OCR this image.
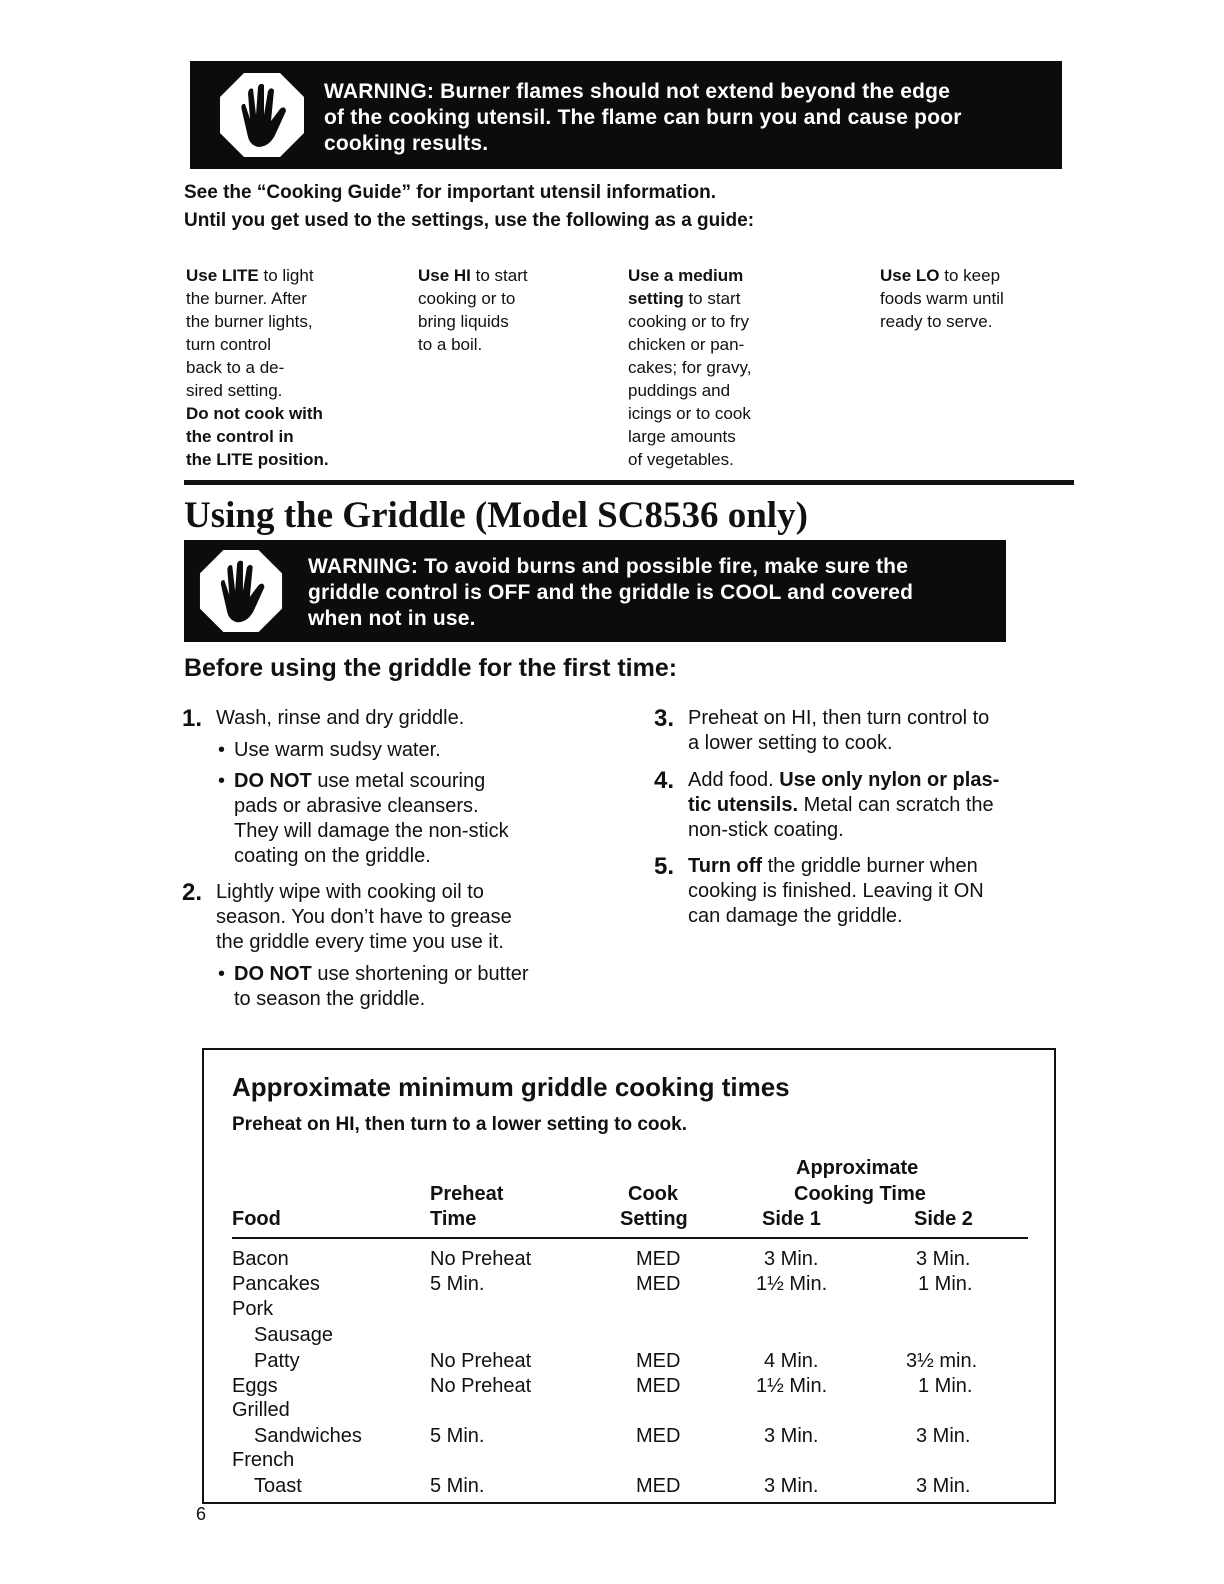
WARNING: Burner flames should not extend beyond the edge
of the cooking utensil. The flame can burn you and cause poor
cooking results.
See the “Cooking Guide” for important utensil information.
Until you get used to the settings, use the following as a guide:
Use LITE to light
the burner. After
the burner lights,
turn control
back to a de-
sired setting.
Do not cook with
the control in
the LITE position.
Use HI to start
cooking or to
bring liquids
to a boil.
Use a medium
setting to start
cooking or to fry
chicken or pan-
cakes; for gravy,
puddings and
icings or to cook
large amounts
of vegetables.
Use LO to keep
foods warm until
ready to serve.
Using the Griddle (Model SC8536 only)
WARNING: To avoid burns and possible fire, make sure the
griddle control is OFF and the griddle is COOL and covered
when not in use.
Before using the griddle for the first time:
1. Wash, rinse and dry griddle.
• Use warm sudsy water.
• DO NOT use metal scouring
pads or abrasive cleansers.
They will damage the non-stick
coating on the griddle.
2. Lightly wipe with cooking oil to
season. You don’t have to grease
the griddle every time you use it.
• DO NOT use shortening or butter
to season the griddle.
3. Preheat on HI, then turn control to
a lower setting to cook.
4. Add food. Use only nylon or plas-
tic utensils. Metal can scratch the
non-stick coating.
5. Turn off the griddle burner when
cooking is finished. Leaving it ON
can damage the griddle.
Approximate minimum griddle cooking times
Preheat on HI, then turn to a lower setting to cook.
Approximate
Preheat	Cook	Cooking Time
Food	Time	Setting	Side 1	Side 2
Bacon	No Preheat	MED	3 Min.	3 Min.
Pancakes	5 Min.	MED	1½ Min.	1 Min.
Pork
Sausage
Patty	No Preheat	MED	4 Min.	3½ min.
Eggs	No Preheat	MED	1½ Min.	1 Min.
Grilled
Sandwiches	5 Min.	MED	3 Min.	3 Min.
French
Toast	5 Min.	MED	3 Min.	3 Min.
6
